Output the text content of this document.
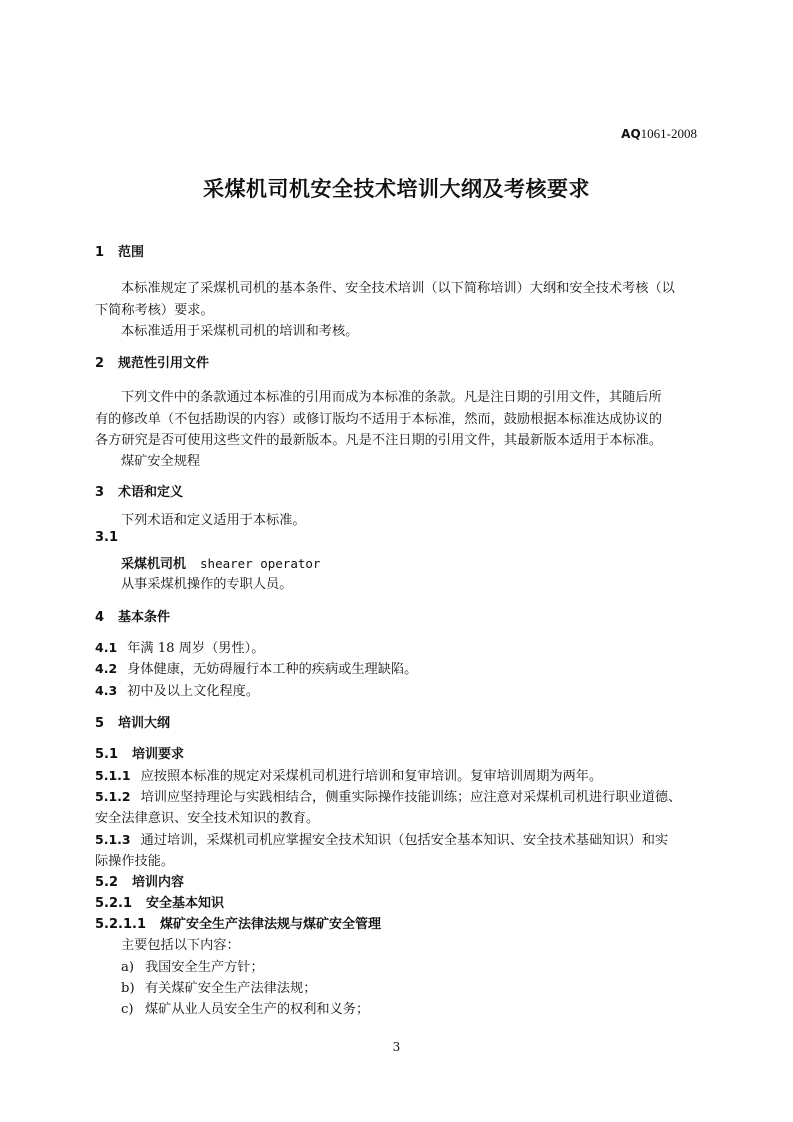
AQ1061-2008
采煤机司机安全技术培训大纲及考核要求
1 范围
本标准规定了采煤机司机的基本条件、安全技术培训（以下简称培训）大纲和安全技术考核（以
下简称考核）要求。
本标准适用于采煤机司机的培训和考核。
2 规范性引用文件
下列文件中的条款通过本标准的引用而成为本标准的条款。凡是注日期的引用文件，其随后所
有的修改单（不包括勘误的内容）或修订版均不适用于本标准，然而，鼓励根据本标准达成协议的
各方研究是否可使用这些文件的最新版本。凡是不注日期的引用文件，其最新版本适用于本标准。
煤矿安全规程
3 术语和定义
下列术语和定义适用于本标准。
3.1
采煤机司机 shearer operator
从事采煤机操作的专职人员。
4 基本条件
4.1 年满 18 周岁（男性）。
4.2 身体健康，无妨碍履行本工种的疾病或生理缺陷。
4.3 初中及以上文化程度。
5 培训大纲
5.1 培训要求
5.1.1 应按照本标准的规定对采煤机司机进行培训和复审培训。复审培训周期为两年。
5.1.2 培训应坚持理论与实践相结合，侧重实际操作技能训练；应注意对采煤机司机进行职业道德、
安全法律意识、安全技术知识的教育。
5.1.3 通过培训，采煤机司机应掌握安全技术知识（包括安全基本知识、安全技术基础知识）和实
际操作技能。
5.2 培训内容
5.2.1 安全基本知识
5.2.1.1 煤矿安全生产法律法规与煤矿安全管理
主要包括以下内容：
a) 我国安全生产方针；
b) 有关煤矿安全生产法律法规；
c) 煤矿从业人员安全生产的权利和义务；
3
